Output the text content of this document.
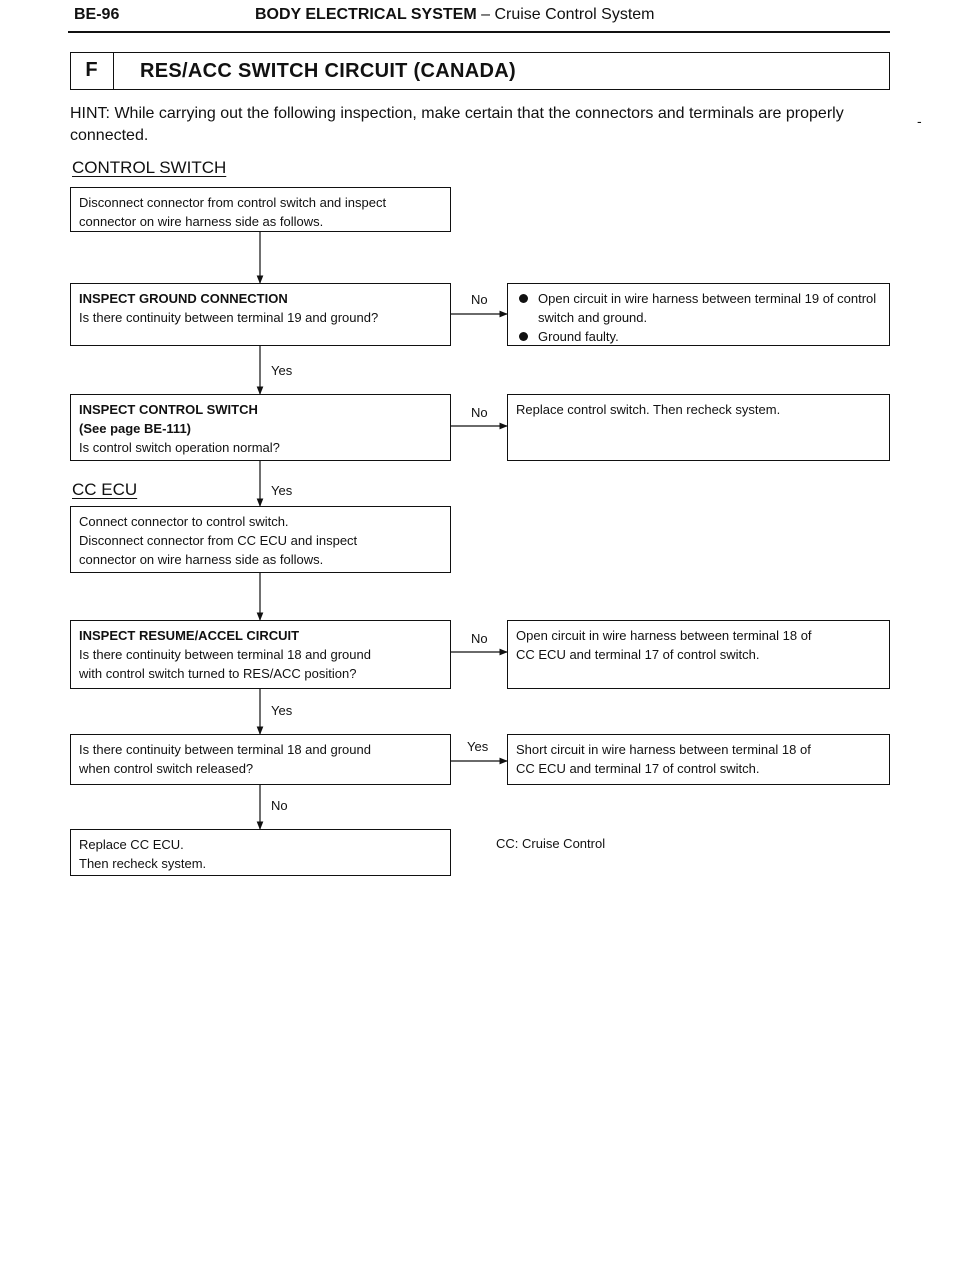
BE-96	BODY ELECTRICAL SYSTEM – Cruise Control System
F	RES/ACC SWITCH CIRCUIT (CANADA)
HINT: While carrying out the following inspection, make certain that the connectors and terminals are properly connected.
-
CONTROL SWITCH
Disconnect connector from control switch and inspect
connector on wire harness side as follows.
INSPECT GROUND CONNECTION
Is there continuity between terminal 19 and ground?
No	Open circuit in wire harness between terminal 19 of control switch and ground.
Ground faulty.
Yes
INSPECT CONTROL SWITCH
(See page BE-111)
Is control switch operation normal?
No Replace control switch. Then recheck system.
CC ECU	Yes
Connect connector to control switch.
Disconnect connector from CC ECU and inspect
connector on wire harness side as follows.
INSPECT RESUME/ACCEL CIRCUIT
Is there continuity between terminal 18 and ground
with control switch turned to RES/ACC position?
No Open circuit in wire harness between terminal 18 of
CC ECU and terminal 17 of control switch.
Yes
Is there continuity between terminal 18 and ground
when control switch released?
Yes Short circuit in wire harness between terminal 18 of
CC ECU and terminal 17 of control switch.
No
Replace CC ECU.
Then recheck system.
CC: Cruise Control
